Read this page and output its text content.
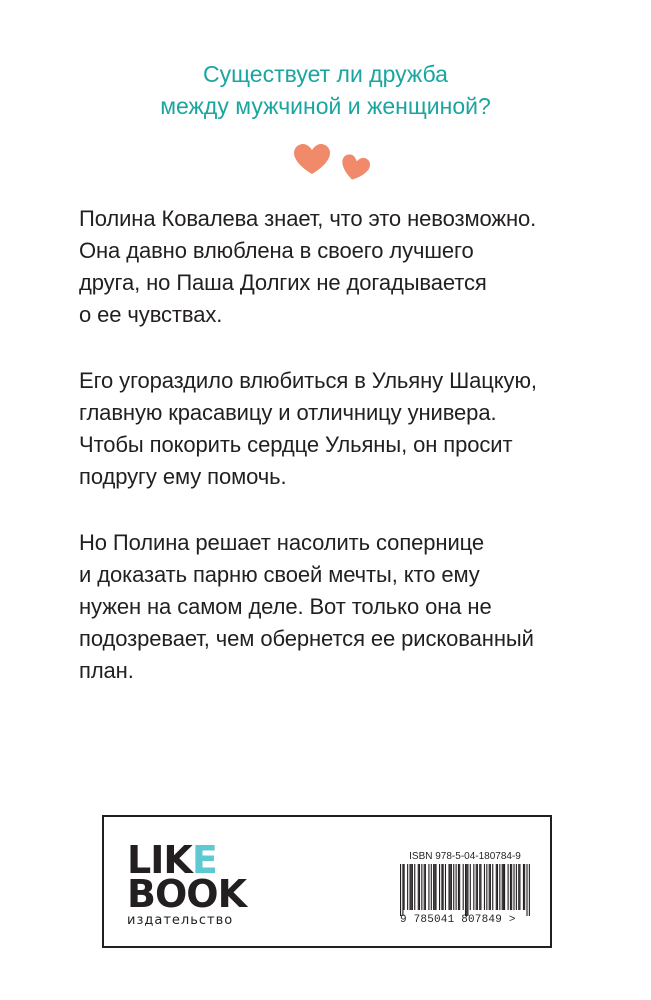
Существует ли дружба
между мужчиной и женщиной?

Полина Ковалева знает, что это невозможно.
Она давно влюблена в своего лучшего
друга, но Паша Долгих не догадывается
о ее чувствах.

Его угораздило влюбиться в Ульяну Шацкую,
главную красавицу и отличницу универа.
Чтобы покорить сердце Ульяны, он просит
подругу ему помочь.

Но Полина решает насолить сопернице
и доказать парню своей мечты, кто ему
нужен на самом деле. Вот только она не
подозревает, чем обернется ее рискованный
план.

L I K E
B O O K
издательство
ISBN 978-5-04-180784-9
9 785041 807849 >
